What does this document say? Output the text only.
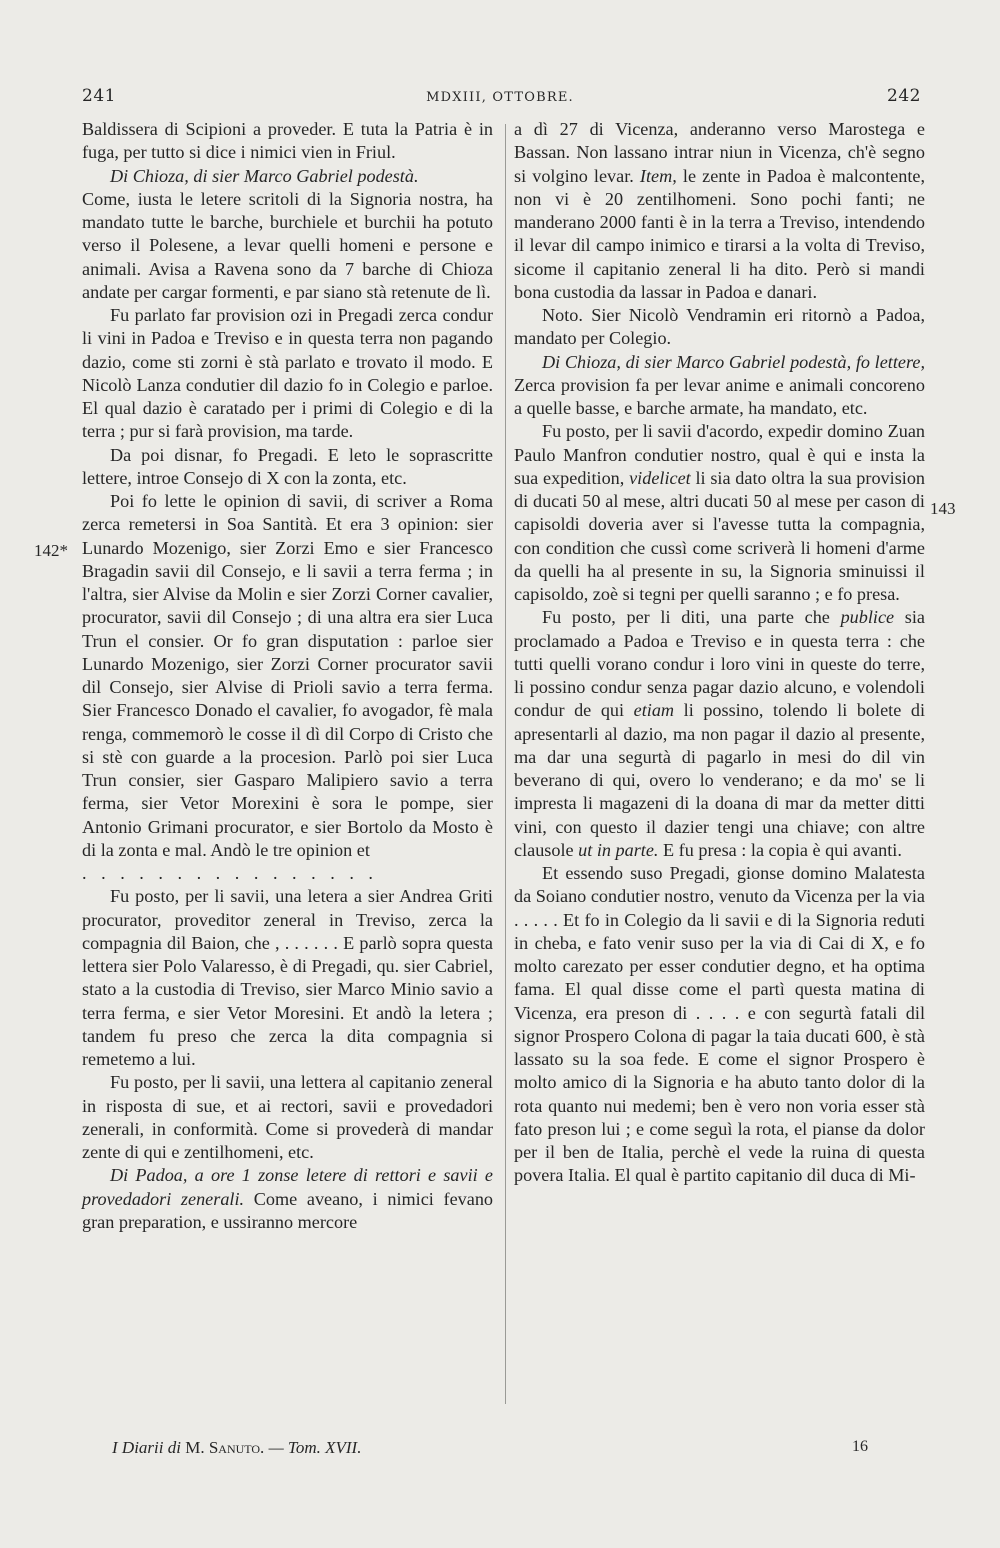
241	MDXIII, OTTOBRE.	242
142*
143

Baldissera di Scipioni a proveder. E tuta la Patria è in fuga, per tutto si dice i nimici vien in Friul.

Di Chioza, di sier Marco Gabriel podestà.

Come, iusta le letere scritoli di la Signoria nostra, ha mandato tutte le barche, burchiele et burchii ha potuto verso il Polesene, a levar quelli homeni e persone e animali. Avisa a Ravena sono da 7 barche di Chioza andate per cargar formenti, e par siano stà retenute de lì.

Fu parlato far provision ozi in Pregadi zerca condur li vini in Padoa e Treviso e in questa terra non pagando dazio, come sti zorni è stà parlato e trovato il modo. E Nicolò Lanza condutier dil dazio fo in Colegio e parloe. El qual dazio è caratado per i primi di Colegio e di la terra ; pur si farà provision, ma tarde.

Da poi disnar, fo Pregadi. E leto le soprascritte lettere, introe Consejo di X con la zonta, etc.

Poi fo lette le opinion di savii, di scriver a Roma zerca remetersi in Soa Santità. Et era 3 opinion: sier Lunardo Mozenigo, sier Zorzi Emo e sier Francesco Bragadin savii dil Consejo, e li savii a terra ferma ; in l'altra, sier Alvise da Molin e sier Zorzi Corner cavalier, procurator, savii dil Consejo ; di una altra era sier Luca Trun el consier. Or fo gran disputation : parloe sier Lunardo Mozenigo, sier Zorzi Corner procurator savii dil Consejo, sier Alvise di Prioli savio a terra ferma. Sier Francesco Donado el cavalier, fo avogador, fè mala renga, commemorò le cosse il dì dil Corpo di Cristo che si stè con guarde a la procesion. Parlò poi sier Luca Trun consier, sier Gasparo Malipiero savio a terra ferma, sier Vetor Morexini è sora le pompe, sier Antonio Grimani procurator, e sier Bortolo da Mosto è di la zonta e mal. Andò le tre opinion et

. . . . . . . . . . . . . . . .

Fu posto, per li savii, una letera a sier Andrea Griti procurator, proveditor zeneral in Treviso, zerca la compagnia dil Baion, che , . . . . . . E parlò sopra questa lettera sier Polo Valaresso, è di Pregadi, qu. sier Cabriel, stato a la custodia di Treviso, sier Marco Minio savio a terra ferma, e sier Vetor Moresini. Et andò la letera ; tandem fu preso che zerca la dita compagnia si remetemo a lui.

Fu posto, per li savii, una lettera al capitanio zeneral in risposta di sue, et ai rectori, savii e provedadori zenerali, in conformità. Come si provederà di mandar zente di qui e zentilhomeni, etc.

Di Padoa, a ore 1 zonse letere di rettori e savii e provedadori zenerali. Come aveano, i nimici fevano gran preparation, e ussiranno mercore

a dì 27 di Vicenza, anderanno verso Marostega e Bassan. Non lassano intrar niun in Vicenza, ch'è segno si volgino levar. Item, le zente in Padoa è malcontente, non vi è 20 zentilhomeni. Sono pochi fanti; ne manderano 2000 fanti è in la terra a Treviso, intendendo il levar dil campo inimico e tirarsi a la volta di Treviso, sicome il capitanio zeneral li ha dito. Però si mandi bona custodia da lassar in Padoa e danari.

Noto. Sier Nicolò Vendramin eri ritornò a Padoa, mandato per Colegio.

Di Chioza, di sier Marco Gabriel podestà, fo lettere, Zerca provision fa per levar anime e animali concoreno a quelle basse, e barche armate, ha mandato, etc.

Fu posto, per li savii d'acordo, expedir domino Zuan Paulo Manfron condutier nostro, qual è qui e insta la sua expedition, videlicet li sia dato oltra la sua provision di ducati 50 al mese, altri ducati 50 al mese per cason di capisoldi doveria aver si l'avesse tutta la compagnia, con condition che cussì come scriverà li homeni d'arme da quelli ha al presente in su, la Signoria sminuissi il capisoldo, zoè si tegni per quelli saranno ; e fo presa.

Fu posto, per li diti, una parte che publice sia proclamado a Padoa e Treviso e in questa terra : che tutti quelli vorano condur i loro vini in queste do terre, li possino condur senza pagar dazio alcuno, e volendoli condur de qui etiam li possino, tolendo li bolete di apresentarli al dazio, ma non pagar il dazio al presente, ma dar una segurtà di pagarlo in mesi do dil vin beverano di qui, overo lo venderano; e da mo' se li impresta li magazeni di la doana di mar da metter ditti vini, con questo il dazier tengi una chiave; con altre clausole ut in parte. E fu presa : la copia è qui avanti.

Et essendo suso Pregadi, gionse domino Malatesta da Soiano condutier nostro, venuto da Vicenza per la via . . . . . Et fo in Colegio da li savii e di la Signoria reduti in cheba, e fato venir suso per la via di Cai di X, e fo molto carezato per esser condutier degno, et ha optima fama. El qual disse come el partì questa matina di Vicenza, era preson di . . . . e con segurtà fatali dil signor Prospero Colona di pagar la taia ducati 600, è stà lassato su la soa fede. E come el signor Prospero è molto amico di la Signoria e ha abuto tanto dolor di la rota quanto nui medemi; ben è vero non voria esser stà fato preson lui ; e come seguì la rota, el pianse da dolor per il ben de Italia, perchè el vede la ruina di questa povera Italia. El qual è partito capitanio dil duca di Mi-

I Diarii di M. Sanuto. — Tom. XVII.	16
